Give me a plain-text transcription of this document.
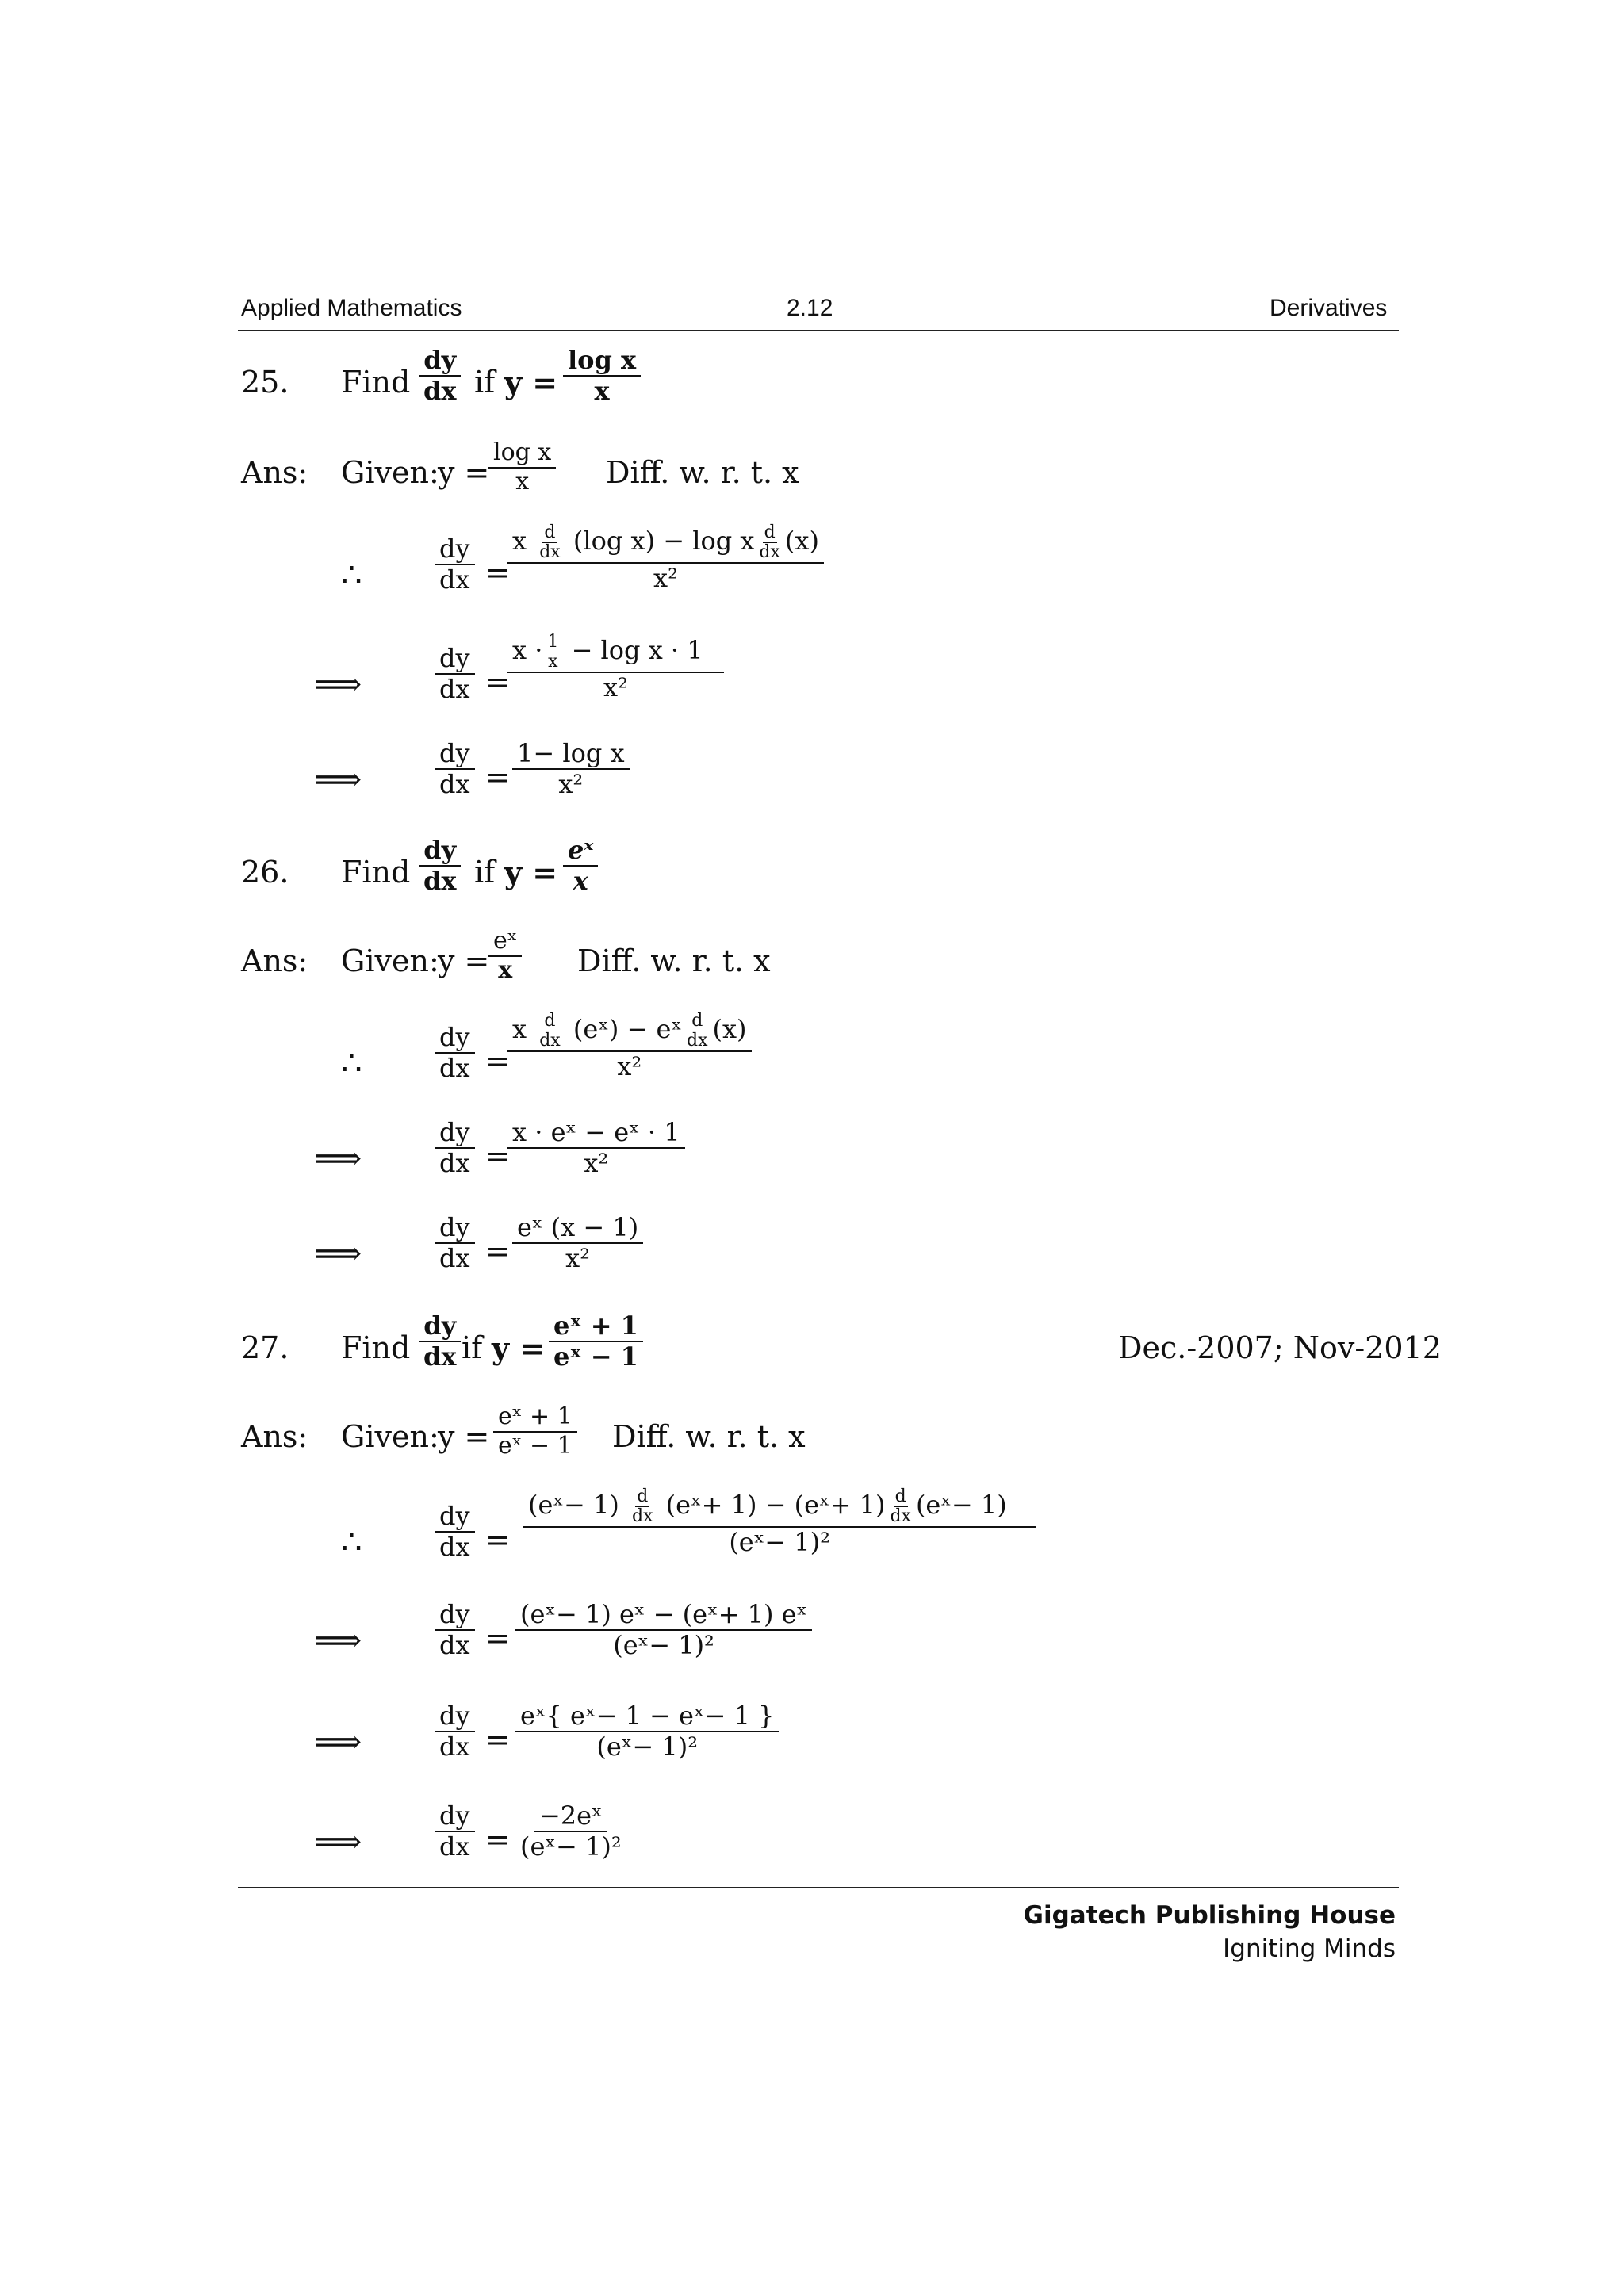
Applied Mathematics	2.12	Derivatives
25. Find $\frac{dy}{dx}$ if $y = \frac{\text{log x}}{x}$
Ans: Given:
y =
$\frac{\text{log x}}{x}$ Diff. w. r. t. x
∴	$\frac{dy}{dx}$ =
x $\frac{d}{dx} (\log$ x) − log x $\frac{d}{dx} (x)$
x²
⟹	$\frac{dy}{dx}$ =
$\frac{x \cdot \frac{1}{x} - \log x \cdot 1}{\text{x²}}$
⟹	$\frac{dy}{dx} = \frac{\text{1− log x}}{\text{x²}}$
26. Find $\frac{dy}{dx}$ if $y = \frac{\text{eˣ}}{x}$
Ans: Given:
y =
$\frac{\text{eˣ}}{x}$ Diff. w. r. t. x
∴	$\frac{dy}{dx}$ =
x $\frac{d}{dx}$ (eˣ) − eˣ $\frac{d}{dx} (x)$
x²
⟹	$\frac{dy}{dx}$ =
$\frac{\text{x · eˣ − eˣ · 1}}{\text{x²}}$
⟹	$\frac{dy}{dx} = \frac{\text{eˣ (x − 1)}}{\text{x²}}$
27. Find $\frac{dy}{dx}$ if $y = \frac{\text{eˣ + 1}}{\text{eˣ − 1}}$	Dec.-2007; Nov-2012
Ans: Given:
$y = \frac{\text{eˣ + 1}}{\text{eˣ − 1}}$ Diff. w. r. t. x
∴	$\frac{dy}{dx}$ =
(eˣ− $1) \frac{d}{dx}$ (eˣ+ 1) − (eˣ+ $1) \frac{d}{dx}$ (eˣ− 1)
(eˣ− 1)²
⟹	$\frac{dy}{dx} = \frac{\text{(eˣ− 1) eˣ − (eˣ+ 1) eˣ}}{\text{(eˣ− 1)²}}$
⟹	$\frac{dy}{dx} = \frac{\text{eˣ\{ eˣ− 1 − eˣ− 1 \}}}{\text{(eˣ− 1)²}}$
⟹	$\frac{dy}{dx} = \frac{\text{−2eˣ}}{\text{(eˣ− 1)²}}$
Gigatech Publishing House
Igniting Minds
